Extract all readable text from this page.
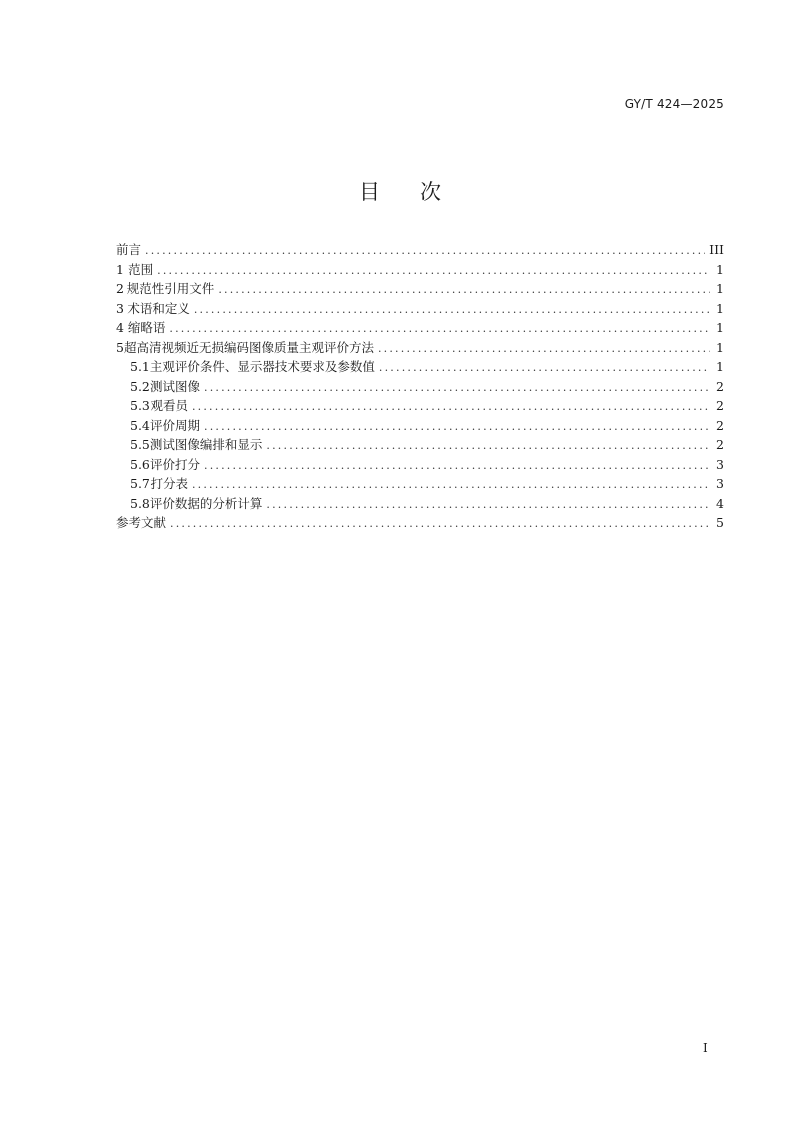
GY/T 424—2025
目次
前言 .....	III
1 范围 .....	1
2 规范性引用文件 .....	1
3 术语和定义 .....	1
4 缩略语 .....	1
5 超高清视频近无损编码图像质量主观评价方法 .....	1
5.1 主观评价条件、显示器技术要求及参数值 .....	1
5.2 测试图像 .....	2
5.3 观看员 .....	2
5.4 评价周期 .....	2
5.5 测试图像编排和显示 .....	2
5.6 评价打分 .....	3
5.7 打分表 .....	3
5.8 评价数据的分析计算 .....	4
参考文献 .....	5
I
